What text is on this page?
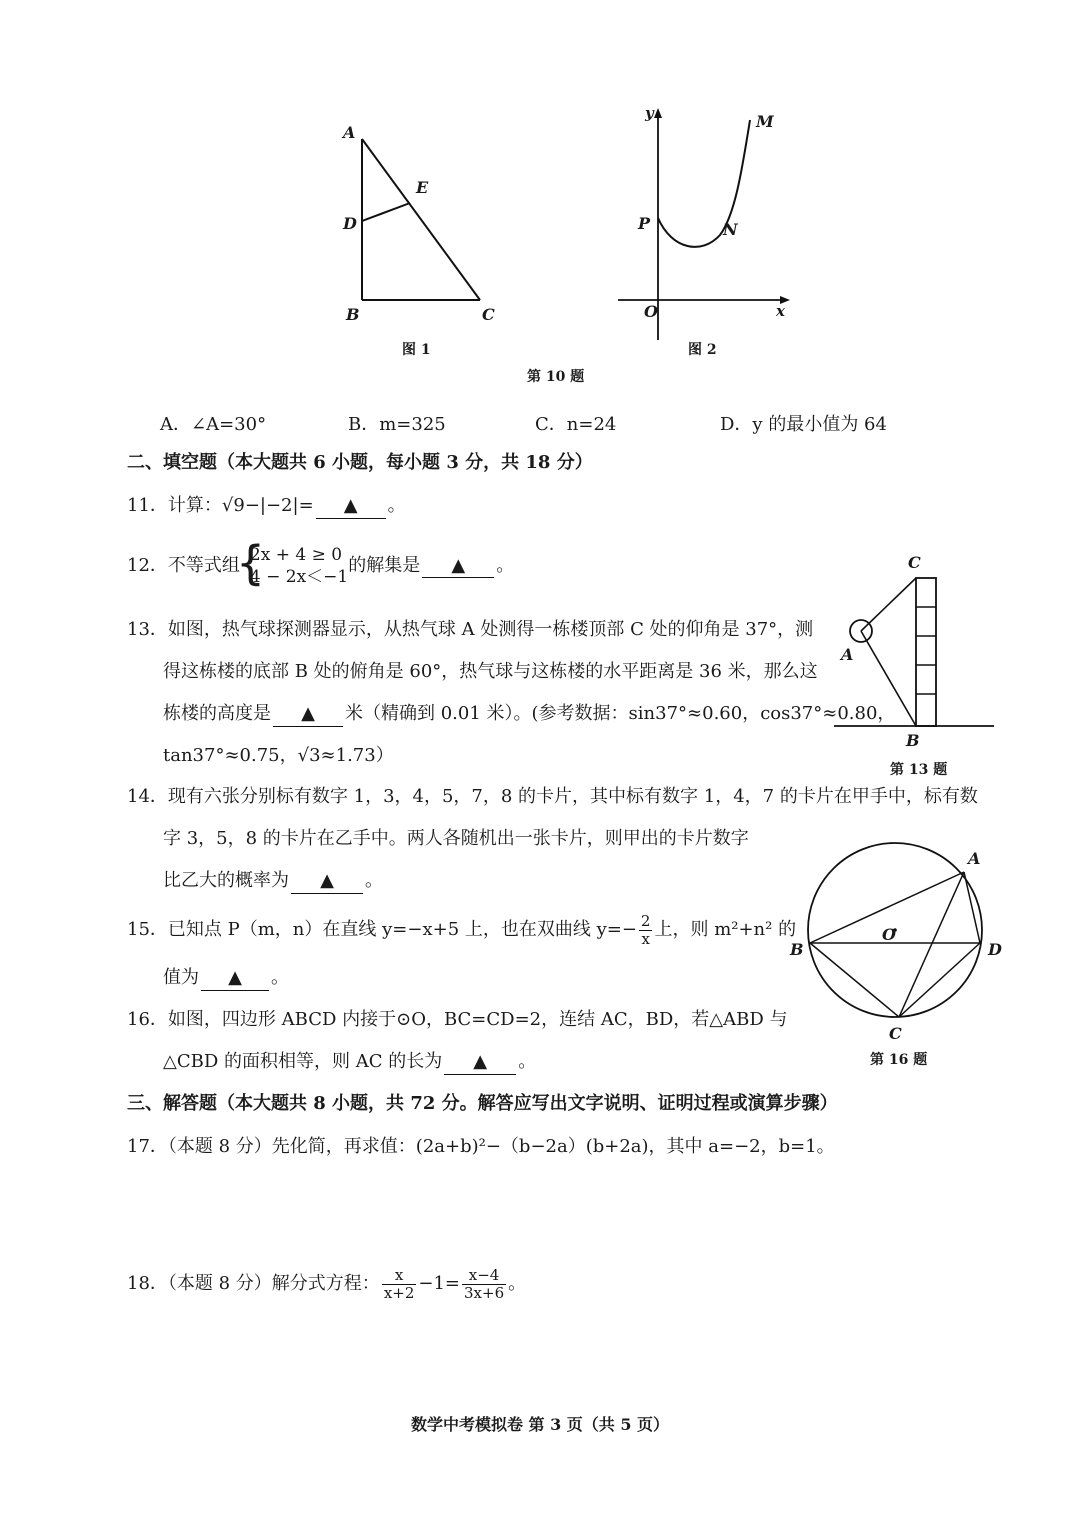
A
E
D
B	C
图 1
y	M
P	N
O	x
图 2
第 10 题
A．∠A=30°	B．m=325	C．n=24	D．y 的最小值为 64
二、填空题（本大题共 6 小题，每小题 3 分，共 18 分）
11．计算：√9−|−2|= ▲ 。
12．不等式组
{
2x + 4 ≥ 0
4 − 2x＜−1
的解集是 ▲ 。
13．如图，热气球探测器显示，从热气球 A 处测得一栋楼顶部 C 处的仰角是 37°，测
得这栋楼的底部 B 处的俯角是 60°，热气球与这栋楼的水平距离是 36 米，那么这
栋楼的高度是 ▲ 米（精确到 0.01 米）。(参考数据：sin37°≈0.60，cos37°≈0.80，
tan37°≈0.75，√3≈1.73）
C
A
B
第 13 题
14．现有六张分别标有数字 1，3，4，5，7，8 的卡片，其中标有数字 1，4，7 的卡片在甲手中，标有数
字 3，5，8 的卡片在乙手中。两人各随机出一张卡片，则甲出的卡片数字
比乙大的概率为 ▲ 。
15．已知点 P（m，n）在直线 y=−x+5 上，也在双曲线 $y=- \frac{2}{x}$ 上，则 m²+n² 的
值为 ▲ 。
16．如图，四边形 ABCD 内接于⊙O，BC=CD=2，连结 AC，BD，若△ABD 与
△CBD 的面积相等，则 AC 的长为 ▲ 。
A
B
O
D
C
第 16 题
三、解答题（本大题共 8 小题，共 72 分。解答应写出文字说明、证明过程或演算步骤）
17．（本题 8 分）先化简，再求值：(2a+b)²−（b−2a）(b+2a)，其中 a=−2，b=1。
18．（本题 8 分）解分式方程： $\frac{x}{x+2} -1= \frac{x-4}{3x+6}$ 。
数学中考模拟卷 第 3 页（共 5 页）
